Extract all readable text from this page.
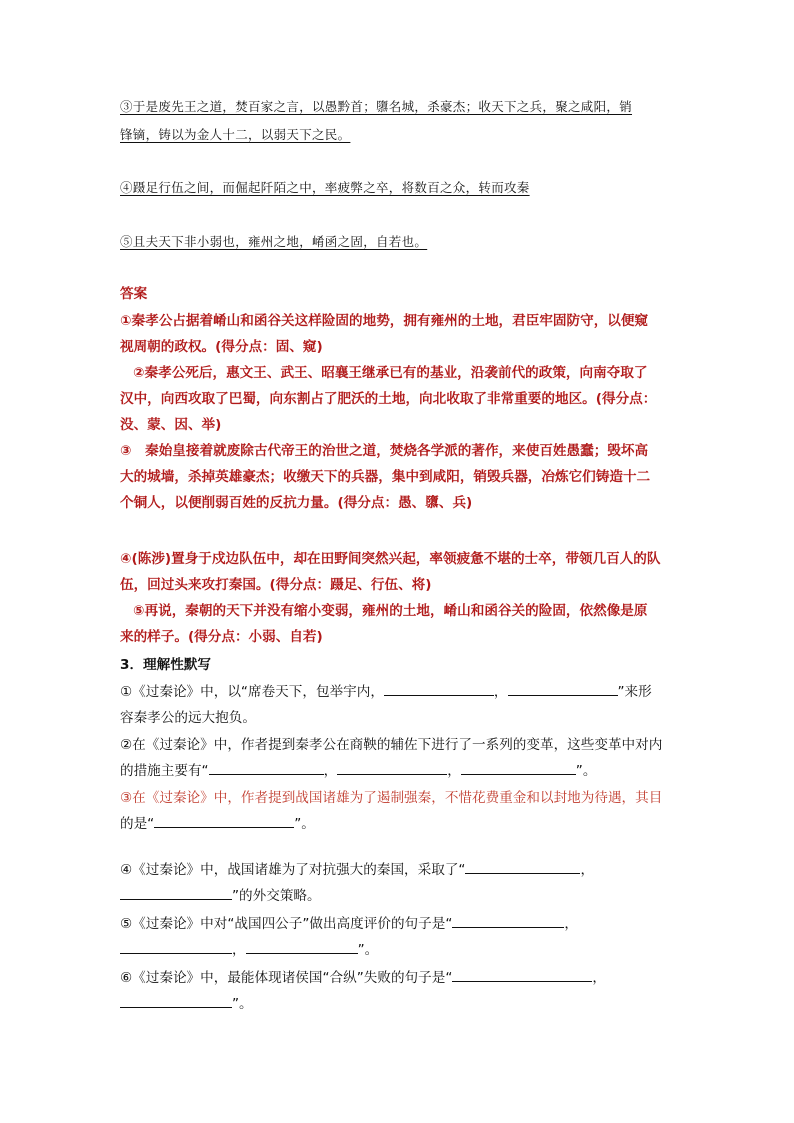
③于是废先王之道，焚百家之言，以愚黔首；隳名城，杀豪杰；收天下之兵，聚之咸阳，销
锋镝，铸以为金人十二，以弱天下之民。
④蹑足行伍之间，而倔起阡陌之中，率疲弊之卒，将数百之众，转而攻秦
⑤且夫天下非小弱也，雍州之地，崤函之固，自若也。
答案
①秦孝公占据着崤山和函谷关这样险固的地势，拥有雍州的土地，君臣牢固防守，以便窥
视周朝的政权。(得分点：固、窥)
②秦孝公死后，惠文王、武王、昭襄王继承已有的基业，沿袭前代的政策，向南夺取了
汉中，向西攻取了巴蜀，向东割占了肥沃的土地，向北收取了非常重要的地区。(得分点：
没、蒙、因、举)
③　秦始皇接着就废除古代帝王的治世之道，焚烧各学派的著作，来使百姓愚蠢；毁坏高
大的城墙，杀掉英雄豪杰；收缴天下的兵器，集中到咸阳，销毁兵器，冶炼它们铸造十二
个铜人，以便削弱百姓的反抗力量。(得分点：愚、隳、兵)
④(陈涉)置身于戍边队伍中，却在田野间突然兴起，率领疲惫不堪的士卒，带领几百人的队
伍，回过头来攻打秦国。(得分点：蹑足、行伍、将)
⑤再说，秦朝的天下并没有缩小变弱，雍州的土地，崤山和函谷关的险固，依然像是原
来的样子。(得分点：小弱、自若)
3．理解性默写
①《过秦论》中，以“席卷天下，包举宇内，	，	”来形
容秦孝公的远大抱负。
②在《过秦论》中，作者提到秦孝公在商鞅的辅佐下进行了一系列的变革，这些变革中对内
的措施主要有“	，	，	”。
③在《过秦论》中，作者提到战国诸雄为了遏制强秦，不惜花费重金和以封地为待遇，其目
的是“	”。
④《过秦论》中，战国诸雄为了对抗强大的秦国，采取了“	，
”的外交策略。
⑤《过秦论》中对“战国四公子”做出高度评价的句子是“	，
，	”。
⑥《过秦论》中，最能体现诸侯国“合纵”失败的句子是“	，
”。
